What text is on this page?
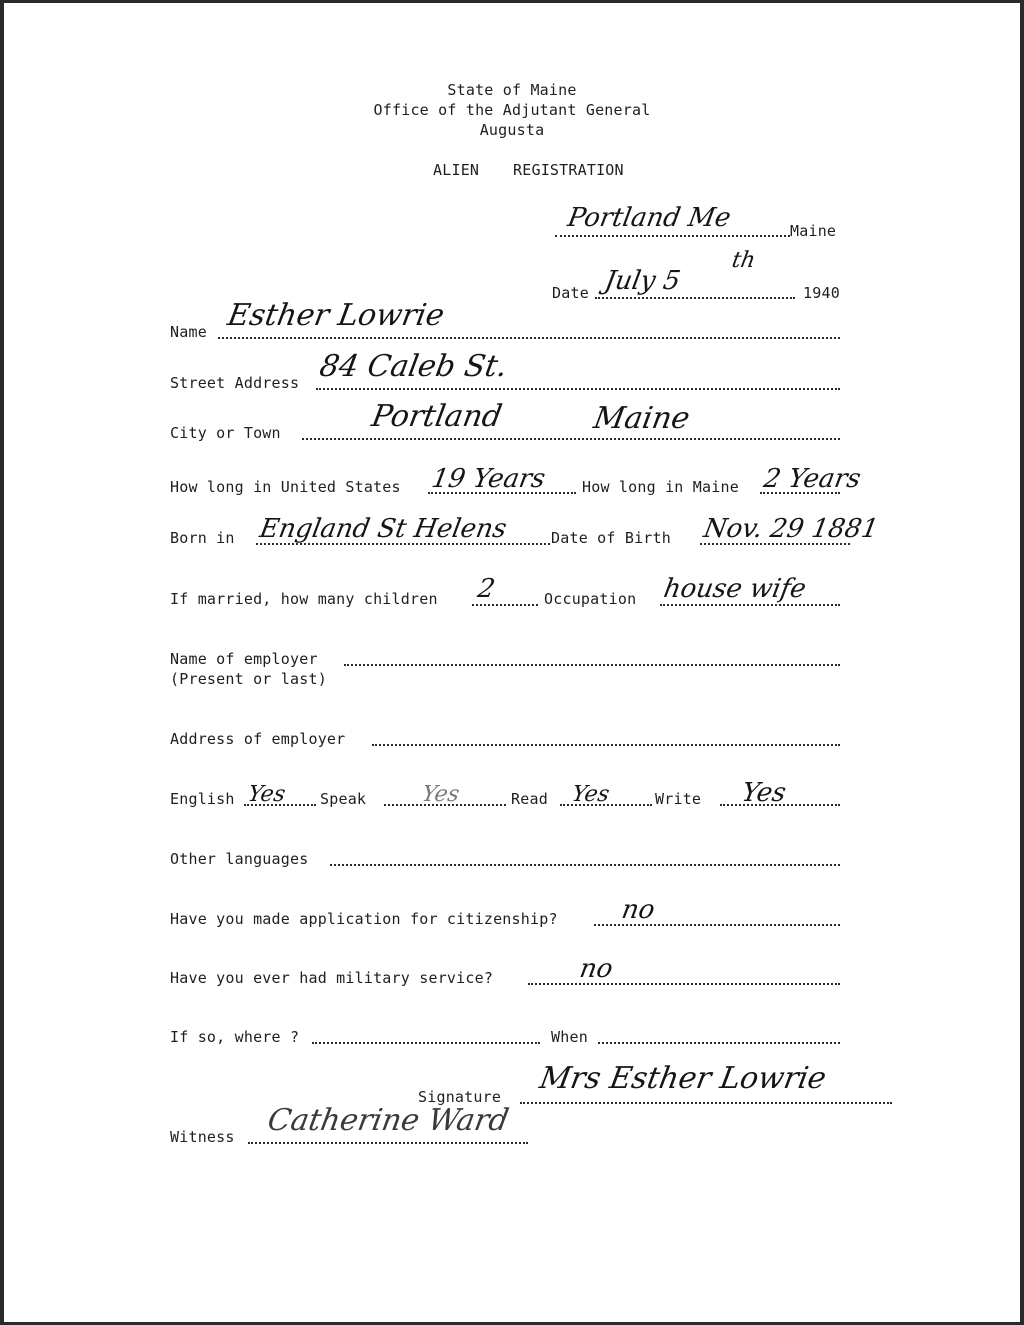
State of Maine
Office of the Adjutant General
Augusta
ALIEN REGISTRATION
Portland Me	Maine
Date July 5
th
1940
Name Esther Lowrie
Street Address 84 Caleb St.
City or Town	Portland	Maine
How long in United States 19 Years How long in Maine 2 Years
Born in England St Helens	Date of Birth Nov. 29 1881
If married, how many children 2	Occupation house wife
Name of employer
(Present or last)
Address of employer
English Yes Speak Yes	Read Yes	Write Yes
Other languages
Have you made application for citizenship? no
Have you ever had military service?	no
If so, where ?	When
Signature
Mrs Esther Lowrie
Witness Catherine Ward
